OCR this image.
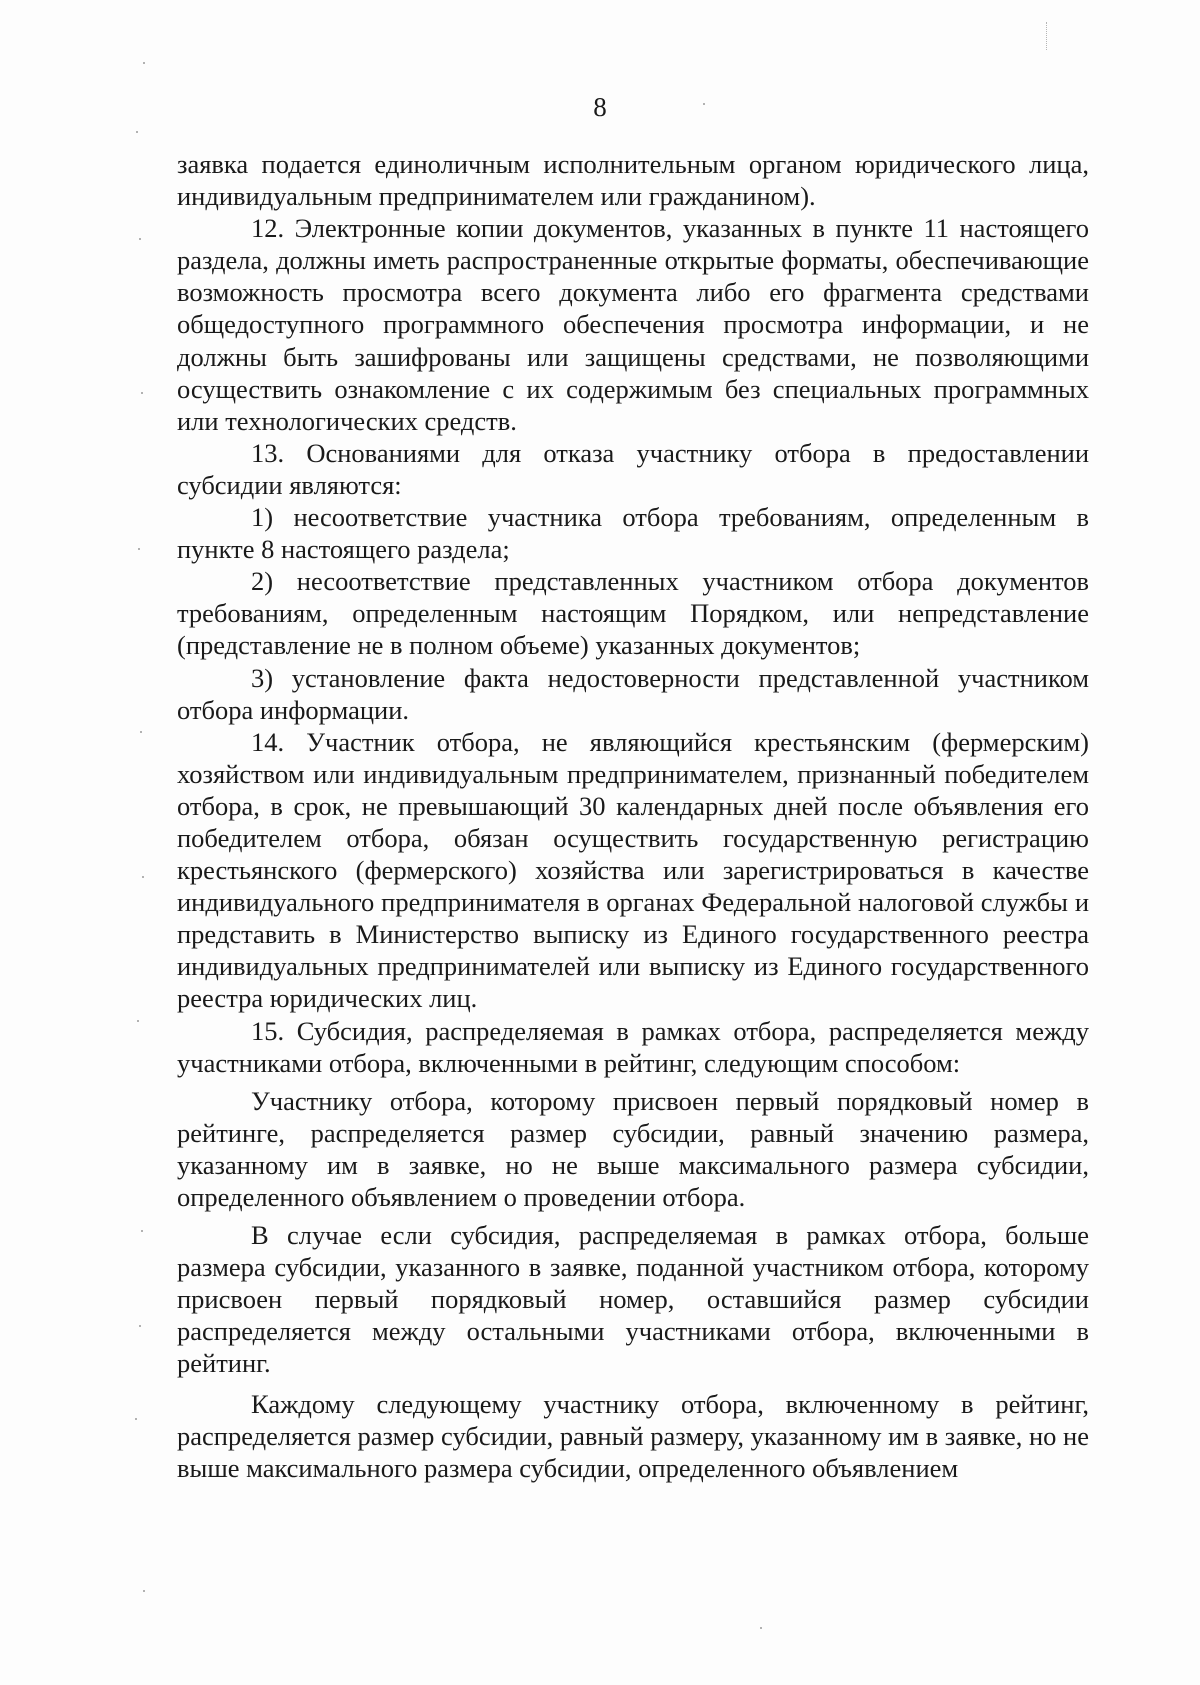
8

заявка подается единоличным исполнительным органом юридического лица, индивидуальным предпринимателем или гражданином).

12. Электронные копии документов, указанных в пункте 11 настоящего раздела, должны иметь распространенные открытые форматы, обеспечивающие возможность просмотра всего документа либо его фрагмента средствами общедоступного программного обеспечения просмотра информации, и не должны быть зашифрованы или защищены средствами, не позволяющими осуществить ознакомление с их содержимым без специальных программных или технологических средств.

13. Основаниями для отказа участнику отбора в предоставлении субсидии являются:

1) несоответствие участника отбора требованиям, определенным в пункте 8 настоящего раздела;

2) несоответствие представленных участником отбора документов требованиям, определенным настоящим Порядком, или непредставление (представление не в полном объеме) указанных документов;

3) установление факта недостоверности представленной участником отбора информации.

14. Участник отбора, не являющийся крестьянским (фермерским) хозяйством или индивидуальным предпринимателем, признанный победителем отбора, в срок, не превышающий 30 календарных дней после объявления его победителем отбора, обязан осуществить государственную регистрацию крестьянского (фермерского) хозяйства или зарегистрироваться в качестве индивидуального предпринимателя в органах Федеральной налоговой службы и представить в Министерство выписку из Единого государственного реестра индивидуальных предпринимателей или выписку из Единого государственного реестра юридических лиц.

15. Субсидия, распределяемая в рамках отбора, распределяется между участниками отбора, включенными в рейтинг, следующим способом:

Участнику отбора, которому присвоен первый порядковый номер в рейтинге, распределяется размер субсидии, равный значению размера, указанному им в заявке, но не выше максимального размера субсидии, определенного объявлением о проведении отбора.

В случае если субсидия, распределяемая в рамках отбора, больше размера субсидии, указанного в заявке, поданной участником отбора, которому присвоен первый порядковый номер, оставшийся размер субсидии распределяется между остальными участниками отбора, включенными в рейтинг.

Каждому следующему участнику отбора, включенному в рейтинг, распределяется размер субсидии, равный размеру, указанному им в заявке, но не выше максимального размера субсидии, определенного объявлением
